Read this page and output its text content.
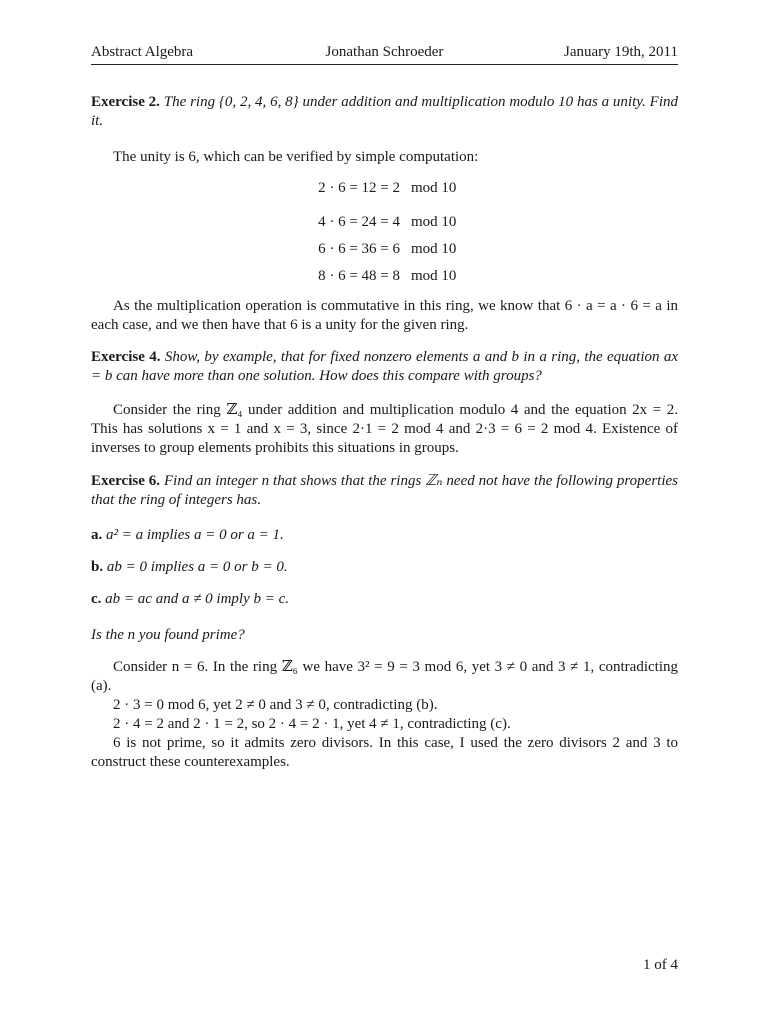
Abstract Algebra	Jonathan Schroeder	January 19th, 2011

Exercise 2. The ring {0, 2, 4, 6, 8} under addition and multiplication modulo 10 has a unity. Find it.

The unity is 6, which can be verified by simple computation:

2 · 6 = 12 = 2 mod 10
4 · 6 = 24 = 4 mod 10
6 · 6 = 36 = 6 mod 10
8 · 6 = 48 = 8 mod 10

As the multiplication operation is commutative in this ring, we know that 6 · a = a · 6 = a in each case, and we then have that 6 is a unity for the given ring.

Exercise 4. Show, by example, that for fixed nonzero elements a and b in a ring, the equation ax = b can have more than one solution. How does this compare with groups?

Consider the ring ℤ₄ under addition and multiplication modulo 4 and the equation 2x = 2. This has solutions x = 1 and x = 3, since 2·1 = 2 mod 4 and 2·3 = 6 = 2 mod 4. Existence of inverses to group elements prohibits this situations in groups.

Exercise 6. Find an integer n that shows that the rings ℤₙ need not have the following properties that the ring of integers has.

a. a² = a implies a = 0 or a = 1.
b. ab = 0 implies a = 0 or b = 0.
c. ab = ac and a ≠ 0 imply b = c.

Is the n you found prime?

Consider n = 6. In the ring ℤ₆ we have 3² = 9 = 3 mod 6, yet 3 ≠ 0 and 3 ≠ 1, contradicting (a).

2 · 3 = 0 mod 6, yet 2 ≠ 0 and 3 ≠ 0, contradicting (b).

2 · 4 = 2 and 2 · 1 = 2, so 2 · 4 = 2 · 1, yet 4 ≠ 1, contradicting (c).

6 is not prime, so it admits zero divisors. In this case, I used the zero divisors 2 and 3 to construct these counterexamples.

1 of 4
